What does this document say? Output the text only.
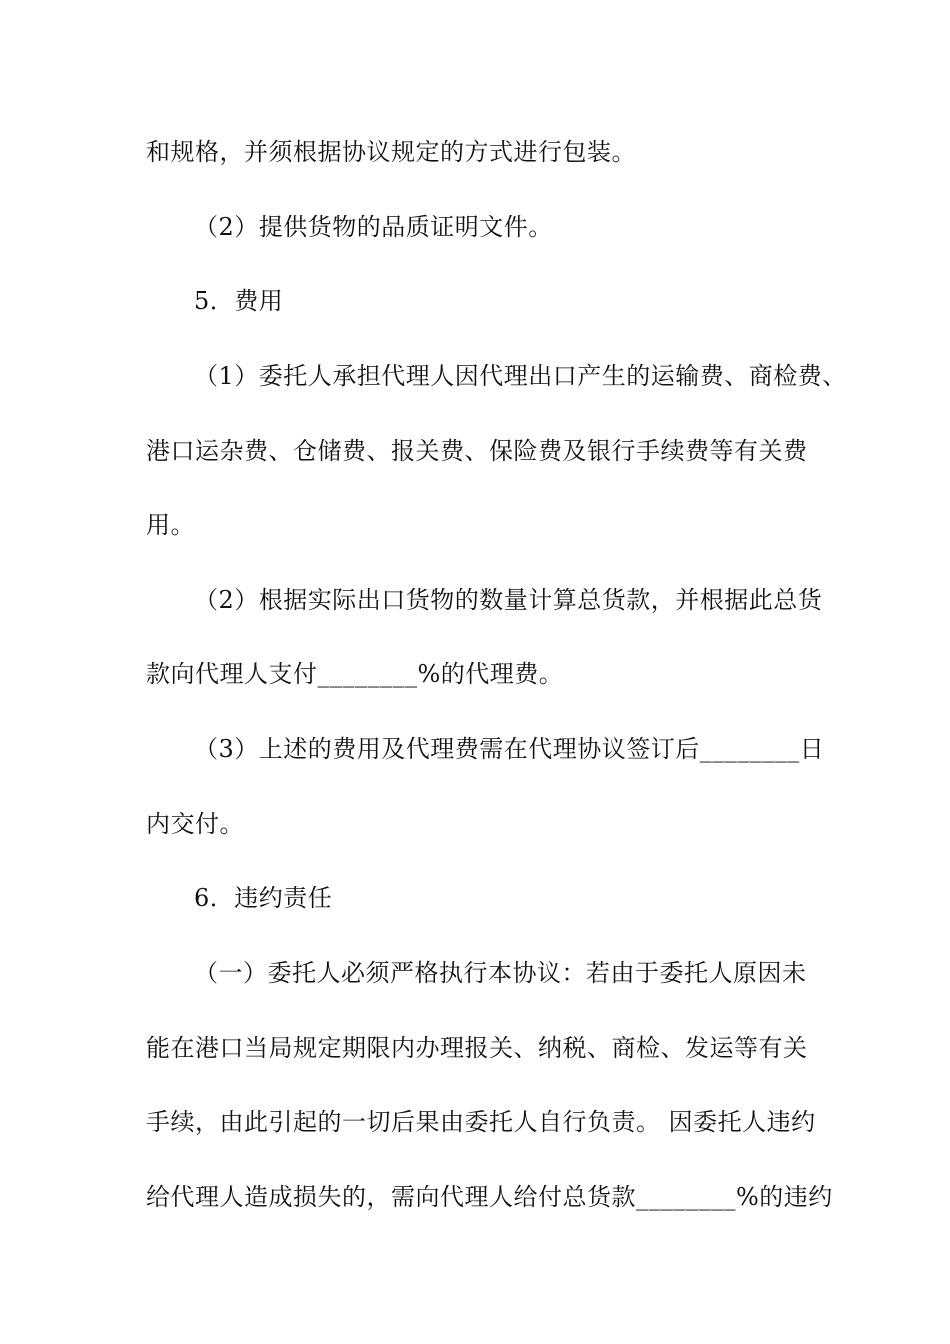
和规格，并须根据协议规定的方式进行包装。
（2）提供货物的品质证明文件。
5．费用
（1）委托人承担代理人因代理出口产生的运输费、商检费、
港口运杂费、仓储费、报关费、保险费及银行手续费等有关费
用。
（2）根据实际出口货物的数量计算总货款，并根据此总货
款向代理人支付________%的代理费。
（3）上述的费用及代理费需在代理协议签订后________日
内交付。
6．违约责任
（一）委托人必须严格执行本协议：若由于委托人原因未
能在港口当局规定期限内办理报关、纳税、商检、发运等有关
手续，由此引起的一切后果由委托人自行负责。 因委托人违约
给代理人造成损失的，需向代理人给付总货款________%的违约
